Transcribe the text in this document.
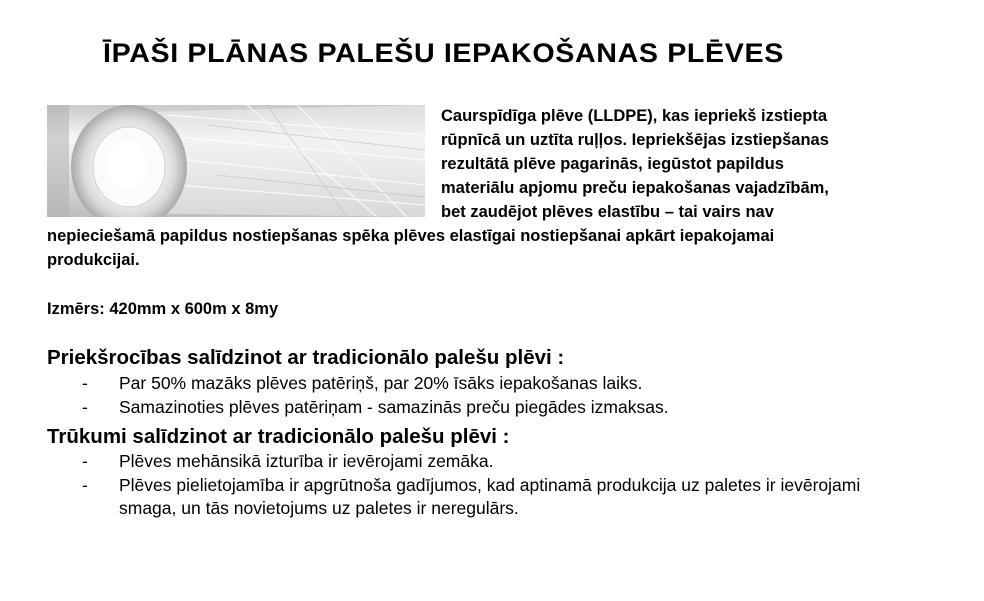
ĪPAŠI PLĀNAS PALEŠU IEPAKOŠANAS PLĒVES

Caurspīdīga plēve (LLDPE), kas iepriekš izstiepta rūpnīcā un uztīta ruļļos. Iepriekšējas izstiepšanas rezultātā plēve pagarinās, iegūstot papildus materiālu apjomu preču iepakošanas vajadzībām, bet zaudējot plēves elastību – tai vairs nav nepieciešamā papildus nostiepšanas spēka plēves elastīgai nostiepšanai apkārt iepakojamai produkcijai.

Izmērs: 420mm x 600m x 8my

Priekšrocības salīdzinot ar tradicionālo palešu plēvi :
- Par 50% mazāks plēves patēriņš, par 20% īsāks iepakošanas laiks.
- Samazinoties plēves patēriņam - samazinās preču piegādes izmaksas.
Trūkumi salīdzinot ar tradicionālo palešu plēvi :
- Plēves mehānsikā izturība ir ievērojami zemāka.
- Plēves pielietojamība ir apgrūtnoša gadījumos, kad aptinamā produkcija uz paletes ir ievērojami smaga, un tās novietojums uz paletes ir neregulārs.
